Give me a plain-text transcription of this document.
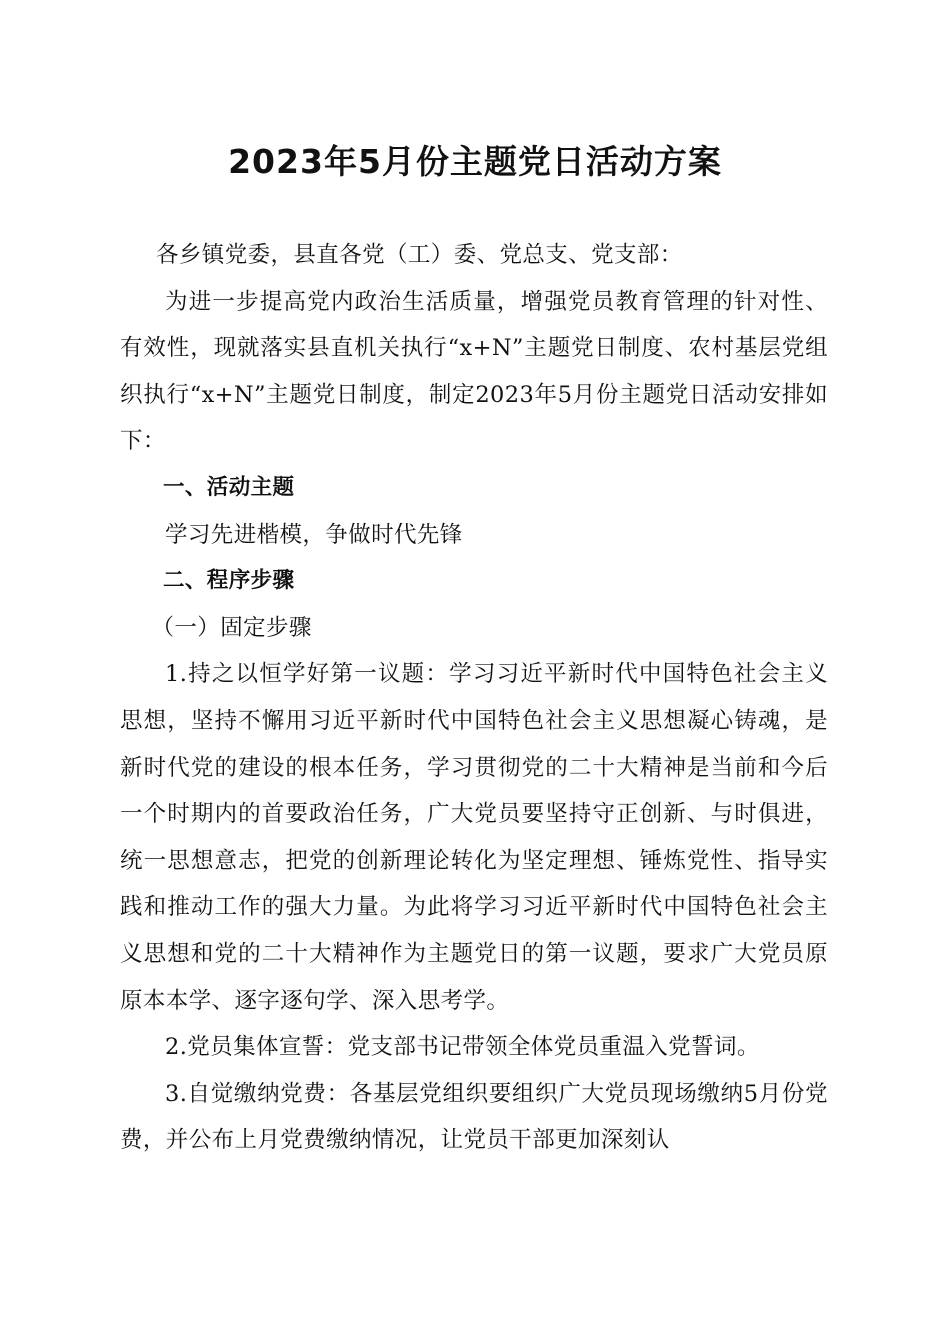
2023年5月份主题党日活动方案

各乡镇党委，县直各党（工）委、党总支、党支部：

为进一步提高党内政治生活质量，增强党员教育管理的针对性、有效性，现就落实县直机关执行“x+N”主题党日制度、农村基层党组织执行“x+N”主题党日制度，制定2023年5月份主题党日活动安排如下：

一、活动主题

学习先进楷模，争做时代先锋

二、程序步骤

（一）固定步骤

1.持之以恒学好第一议题：学习习近平新时代中国特色社会主义思想，坚持不懈用习近平新时代中国特色社会主义思想凝心铸魂，是新时代党的建设的根本任务，学习贯彻党的二十大精神是当前和今后一个时期内的首要政治任务，广大党员要坚持守正创新、与时俱进，统一思想意志，把党的创新理论转化为坚定理想、锤炼党性、指导实践和推动工作的强大力量。为此将学习习近平新时代中国特色社会主义思想和党的二十大精神作为主题党日的第一议题，要求广大党员原原本本学、逐字逐句学、深入思考学。

2.党员集体宣誓：党支部书记带领全体党员重温入党誓词。

3.自觉缴纳党费：各基层党组织要组织广大党员现场缴纳5月份党费，并公布上月党费缴纳情况，让党员干部更加深刻认
